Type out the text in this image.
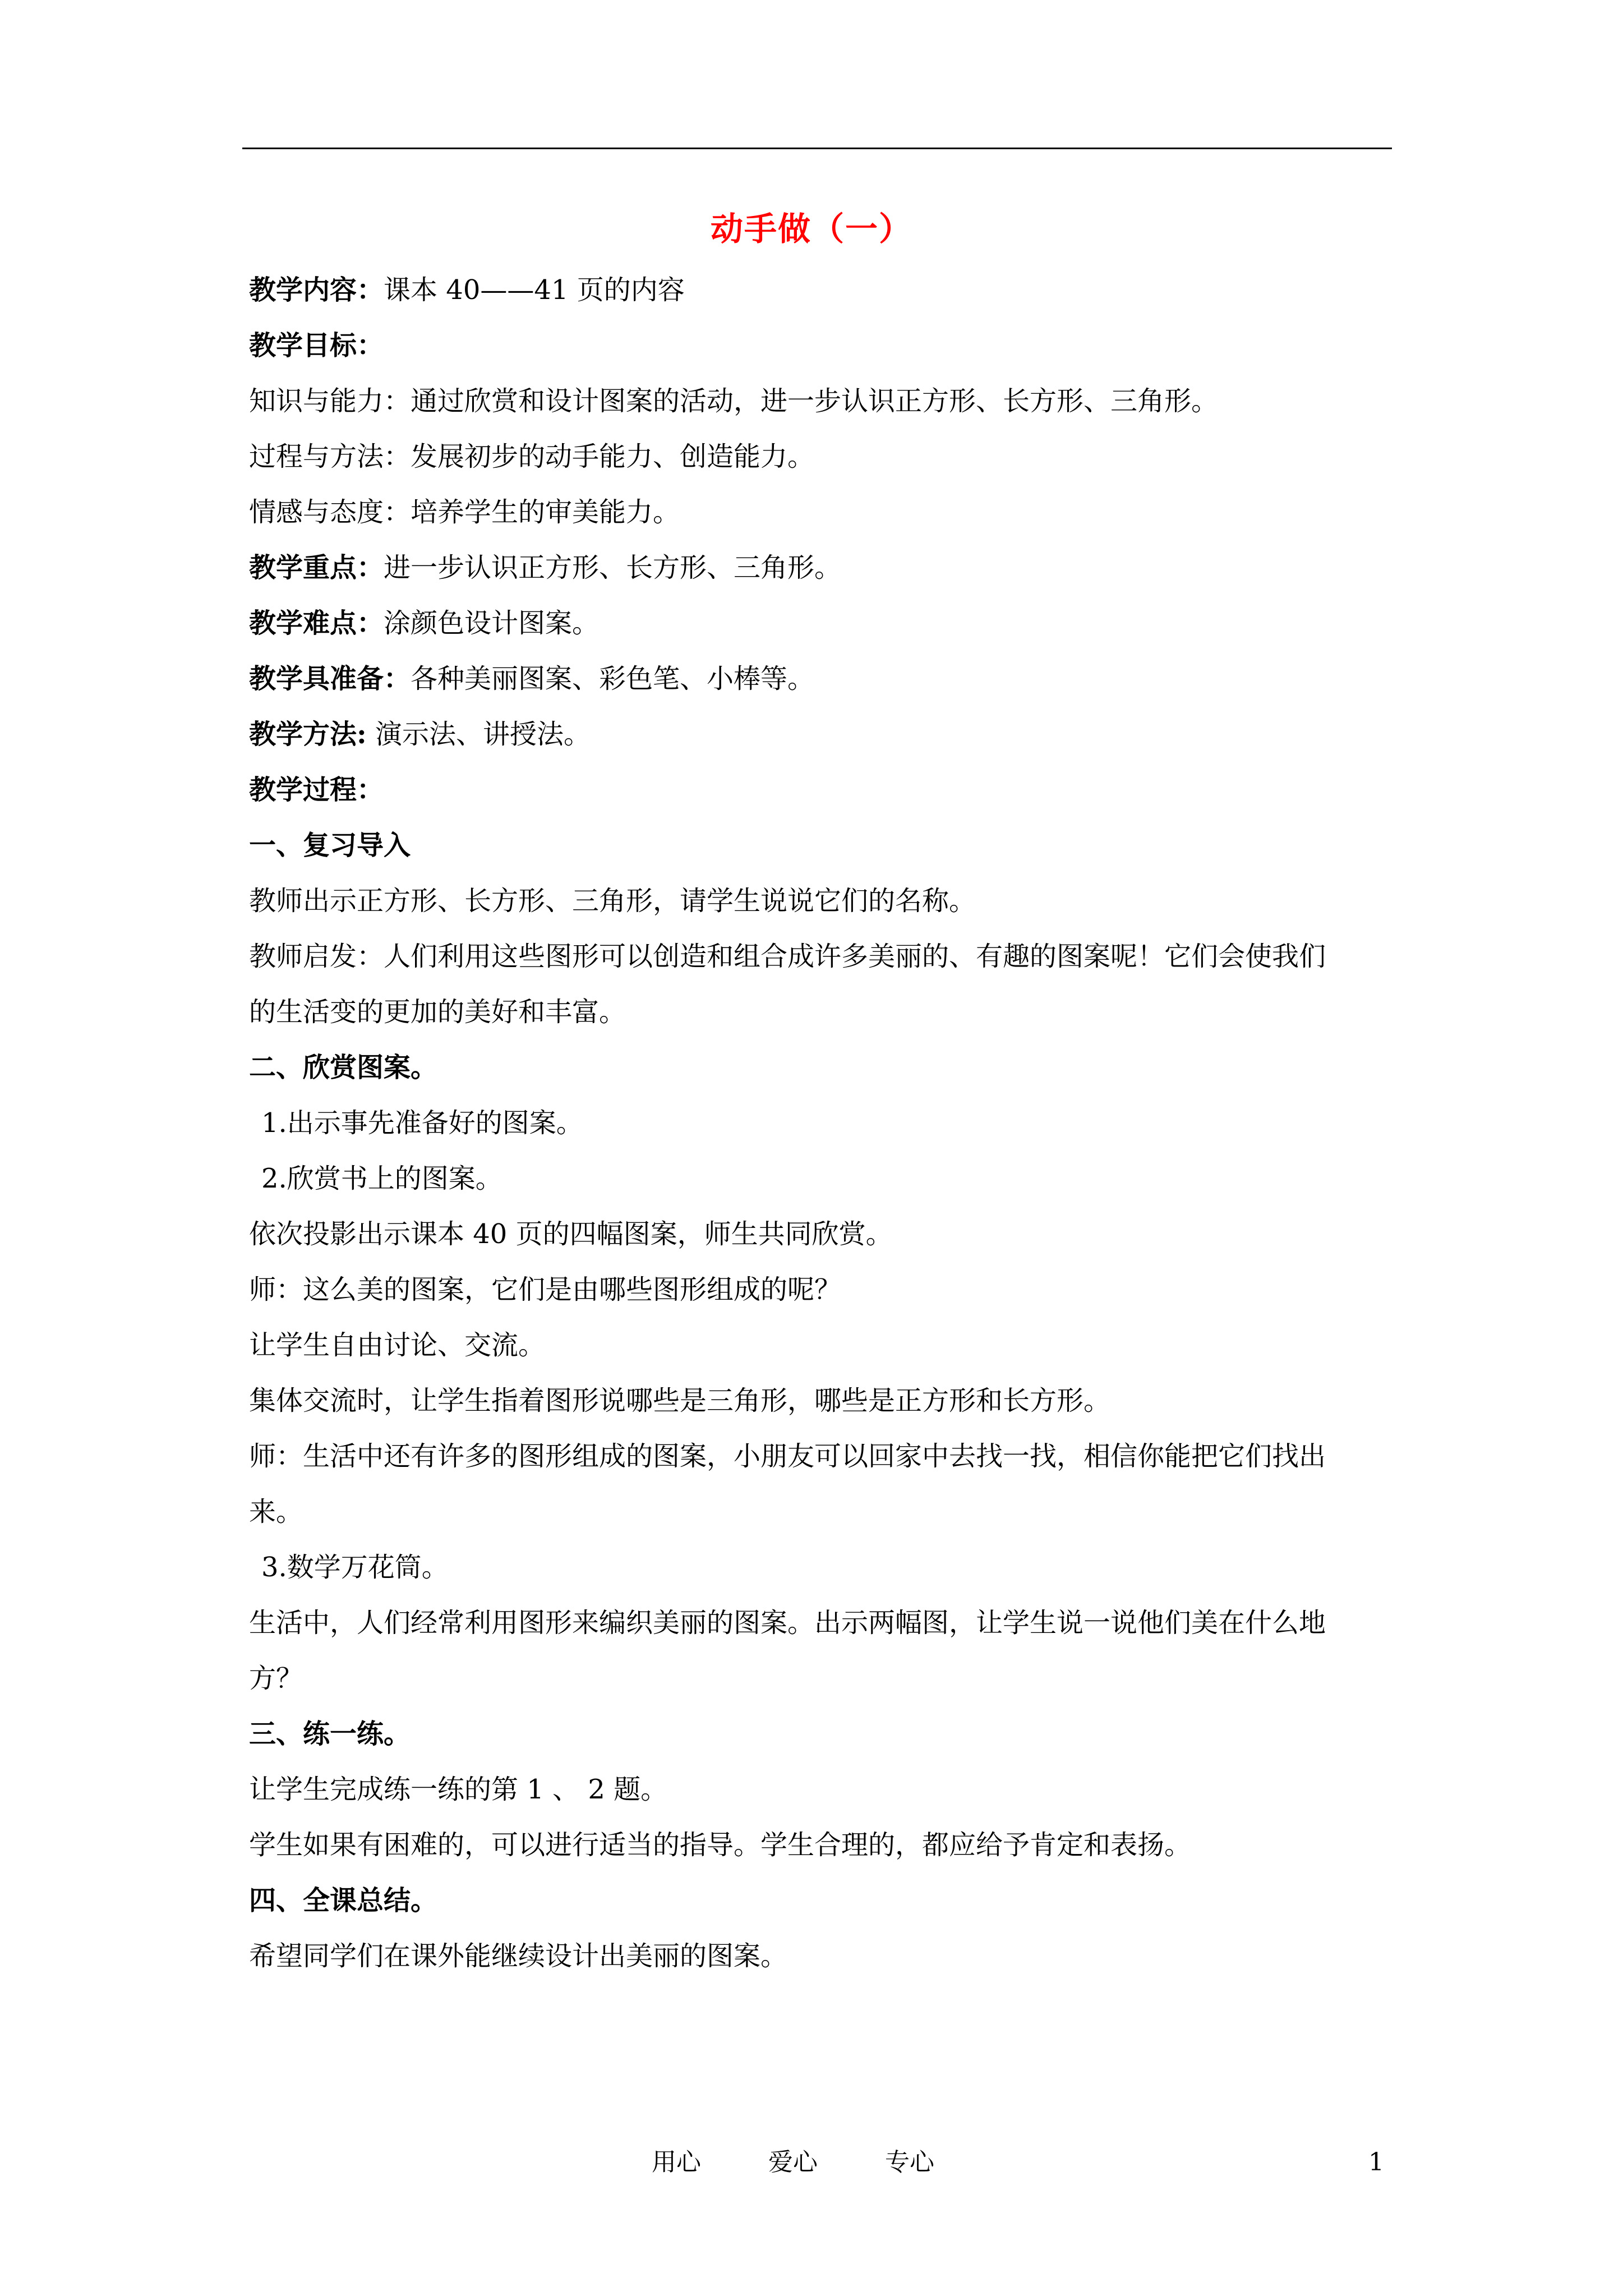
动手做（一）
教学内容：课本 40——41 页的内容
教学目标：
知识与能力：通过欣赏和设计图案的活动，进一步认识正方形、长方形、三角形。
过程与方法：发展初步的动手能力、创造能力。
情感与态度：培养学生的审美能力。
教学重点：进一步认识正方形、长方形、三角形。
教学难点：涂颜色设计图案。
教学具准备：各种美丽图案、彩色笔、小棒等。
教学方法: 演示法、讲授法。
教学过程：
一、复习导入
教师出示正方形、长方形、三角形，请学生说说它们的名称。
教师启发：人们利用这些图形可以创造和组合成许多美丽的、有趣的图案呢！它们会使我们
的生活变的更加的美好和丰富。
二、欣赏图案。
1.出示事先准备好的图案。
2.欣赏书上的图案。
依次投影出示课本 40 页的四幅图案，师生共同欣赏。
师：这么美的图案，它们是由哪些图形组成的呢？
让学生自由讨论、交流。
集体交流时，让学生指着图形说哪些是三角形，哪些是正方形和长方形。
师：生活中还有许多的图形组成的图案，小朋友可以回家中去找一找，相信你能把它们找出
来。
3.数学万花筒。
生活中，人们经常利用图形来编织美丽的图案。出示两幅图，让学生说一说他们美在什么地
方？
三、练一练。
让学生完成练一练的第 1 、 2 题。
学生如果有困难的，可以进行适当的指导。学生合理的，都应给予肯定和表扬。
四、全课总结。
希望同学们在课外能继续设计出美丽的图案。
用心	爱心	专心	1
